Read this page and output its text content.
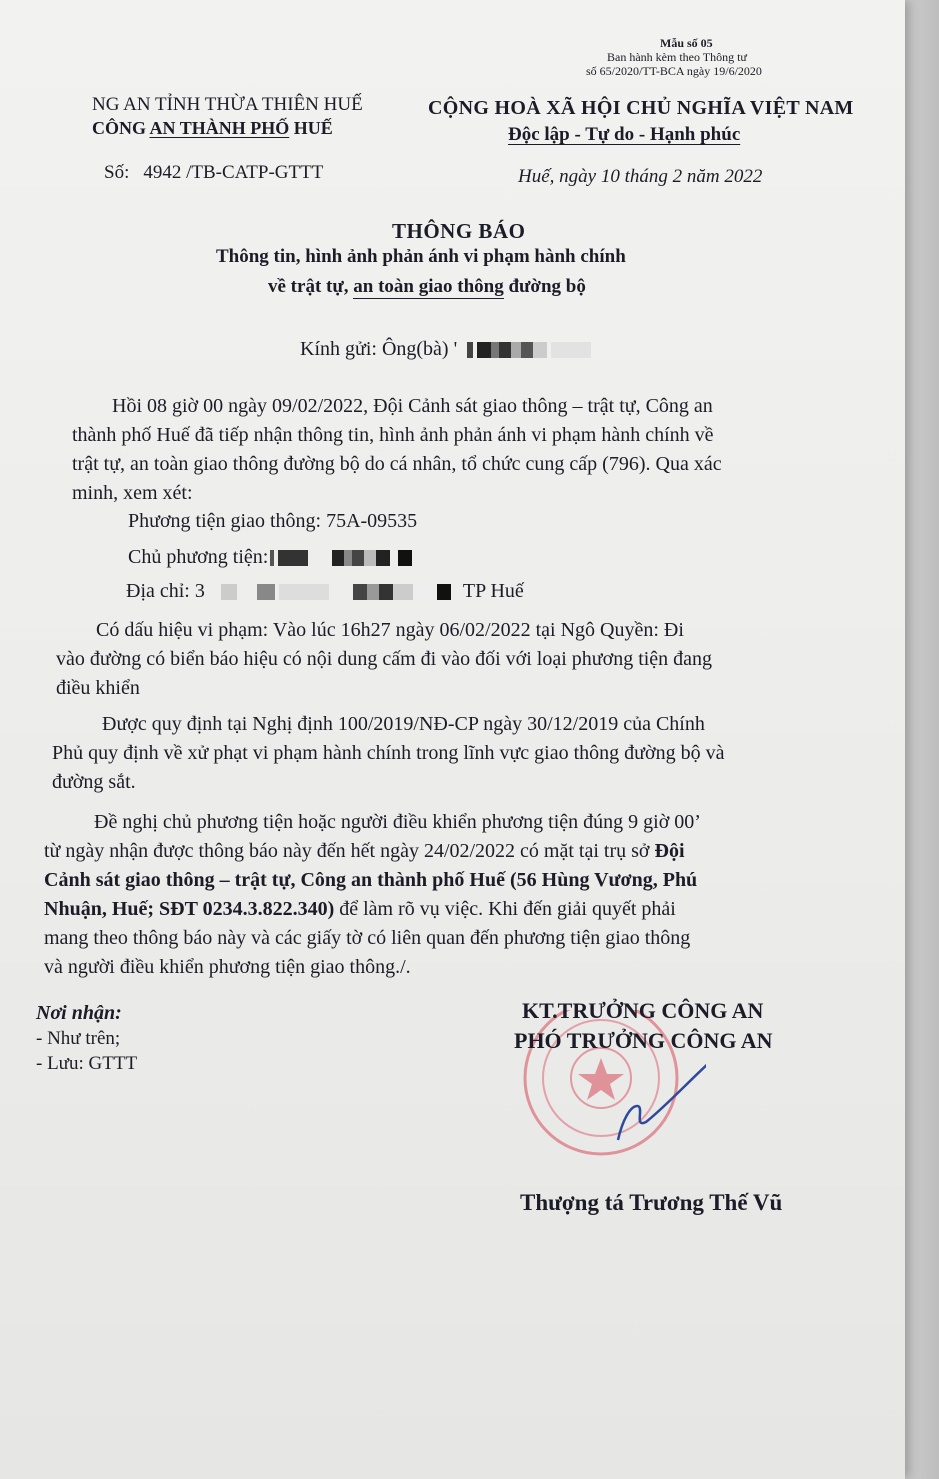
Mẫu số 05
Ban hành kèm theo Thông tư
số 65/2020/TT-BCA ngày 19/6/2020
NG AN TỈNH THỪA THIÊN HUẾ
CÔNG AN THÀNH PHỐ HUẾ
CỘNG HOÀ XÃ HỘI CHỦ NGHĨA VIỆT NAM
Độc lập - Tự do - Hạnh phúc
Số: 4942 /TB-CATP-GTTT	Huế, ngày 10 tháng 2 năm 2022
THÔNG BÁO
Thông tin, hình ảnh phản ánh vi phạm hành chính
về trật tự, an toàn giao thông đường bộ
Kính gửi: Ông(bà) '
Hồi 08 giờ 00 ngày 09/02/2022, Đội Cảnh sát giao thông – trật tự, Công an
thành phố Huế đã tiếp nhận thông tin, hình ảnh phản ánh vi phạm hành chính về
trật tự, an toàn giao thông đường bộ do cá nhân, tổ chức cung cấp (796). Qua xác
minh, xem xét:
Phương tiện giao thông: 75A-09535
Chủ phương tiện:
Địa chỉ: 3	TP Huế
Có dấu hiệu vi phạm: Vào lúc 16h27 ngày 06/02/2022 tại Ngô Quyền: Đi
vào đường có biển báo hiệu có nội dung cấm đi vào đối với loại phương tiện đang
điều khiển
Được quy định tại Nghị định 100/2019/NĐ-CP ngày 30/12/2019 của Chính
Phủ quy định về xử phạt vi phạm hành chính trong lĩnh vực giao thông đường bộ và
đường sắt.
Đề nghị chủ phương tiện hoặc người điều khiển phương tiện đúng 9 giờ 00’
từ ngày nhận được thông báo này đến hết ngày 24/02/2022 có mặt tại trụ sở Đội
Cảnh sát giao thông – trật tự, Công an thành phố Huế (56 Hùng Vương, Phú
Nhuận, Huế; SĐT 0234.3.822.340) để làm rõ vụ việc. Khi đến giải quyết phải
mang theo thông báo này và các giấy tờ có liên quan đến phương tiện giao thông
và người điều khiển phương tiện giao thông./.
Nơi nhận:
- Như trên;
- Lưu: GTTT
KT.TRƯỞNG CÔNG AN
PHÓ TRƯỞNG CÔNG AN
Thượng tá Trương Thế Vũ
